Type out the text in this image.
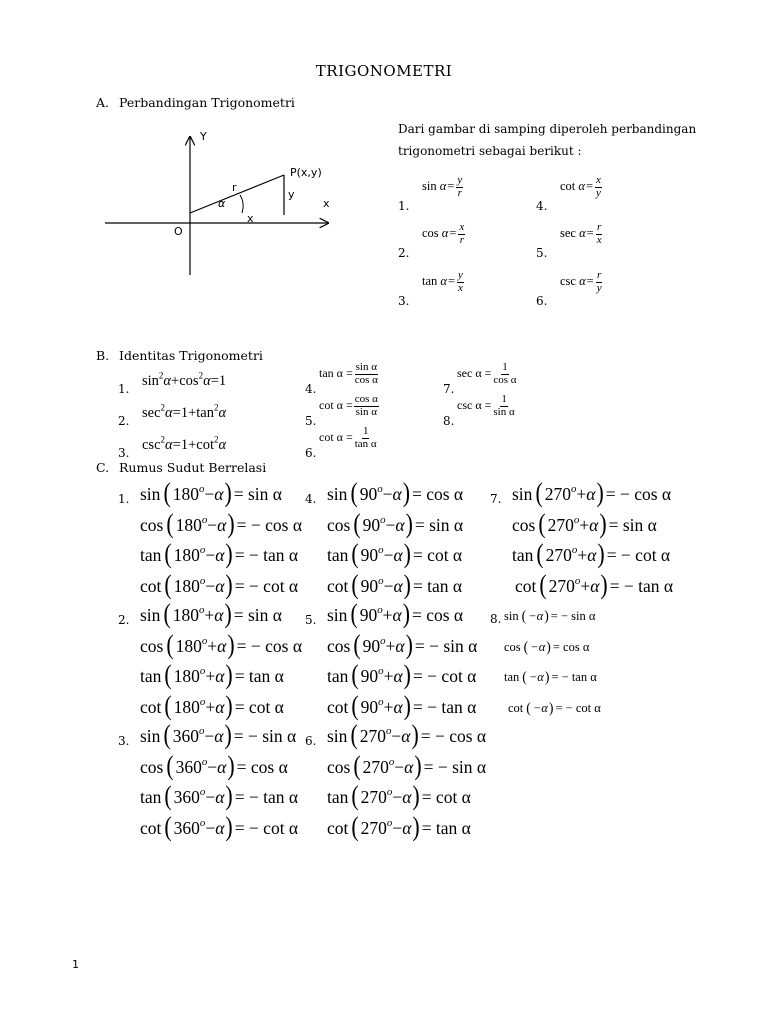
TRIGONOMETRI
A. Perbandingan Trigonometri
Y
x
O
P(x,y)
r
y
x
α
Dari gambar di samping diperoleh perbandingan
trigonometri sebagai berikut :
B. Identitas Trigonometri
C. Rumus Sudut Berrelasi
1
1.
$\sin \alpha= \frac{y}{r}$
2.
$\cos \alpha= \frac{x}{r}$
3.
$\tan \alpha= \frac{y}{x}$
4.
$\cot \alpha= \frac{x}{y}$
5.
$\sec \alpha= \frac{r}{x}$
6.
$\csc \alpha= \frac{r}{y}$
1. $\sin^2\alpha+\cos^2\alpha=1$
2. $\sec^2\alpha=1+\tan^2\alpha$
3. $\csc^2\alpha=1+\cot^2\alpha$
4.
$\tan \alpha = \frac{\text{sin α}}{\text{cos α}}$
5.
$\cot \alpha = \frac{\text{cos α}}{\text{sin α}}$
6.
$\cot \alpha = \frac{1}{\text{tan α}}$
7.
$\sec \alpha = \frac{1}{\text{cos α}}$
8.
$\csc \alpha = \frac{1}{\text{sin α}}$
1. sin ( $180^o-\alpha) = \sin \alpha$
cos ( $180^o-\alpha$) = − cos α
tan ( $180^o-\alpha$) = − tan α
cot ( $180^o-\alpha$) = − cot α
2. sin ( $180^o+\alpha) = \sin \alpha$
cos ( $180^o+\alpha$) = − cos α
tan ( $180^o+\alpha) = \tan \alpha$
cot ( $180^o+\alpha) = \cot \alpha$
3. sin ( $360^o-\alpha$) = − sin α
cos ( $360^o-\alpha) = \cos \alpha$
tan ( $360^o-\alpha$) = − tan α
cot ( $360^o-\alpha$) = − cot α
4. sin ( $90^o-\alpha) = \cos \alpha$
cos ( $90^o-\alpha) = \sin \alpha$
tan ( $90^o-\alpha) = \cot \alpha$
cot ( $90^o-\alpha) = \tan \alpha$
5. sin ( $90^o+\alpha) = \cos \alpha$
cos ( $90^o+\alpha$) = − sin α
tan ( $90^o+\alpha$) = − cot α
cot ( $90^o+\alpha$) = − tan α
6. sin ( $270^o-\alpha$) = − cos α
cos ( $270^o-\alpha$) = − sin α
tan ( $270^o-\alpha) = \cot \alpha$
cot ( $270^o-\alpha) = \tan \alpha$
7. sin ( $270^o+\alpha$) = − cos α
cos ( $270^o+\alpha) = \sin \alpha$
tan ( $270^o+\alpha$) = − cot α
cot ( $270^o+\alpha$) = − tan α
8. sin ( −α) = − sin α
cos ( −α) = cos α
tan ( −α) = − tan α
cot ( −α) = − cot α
